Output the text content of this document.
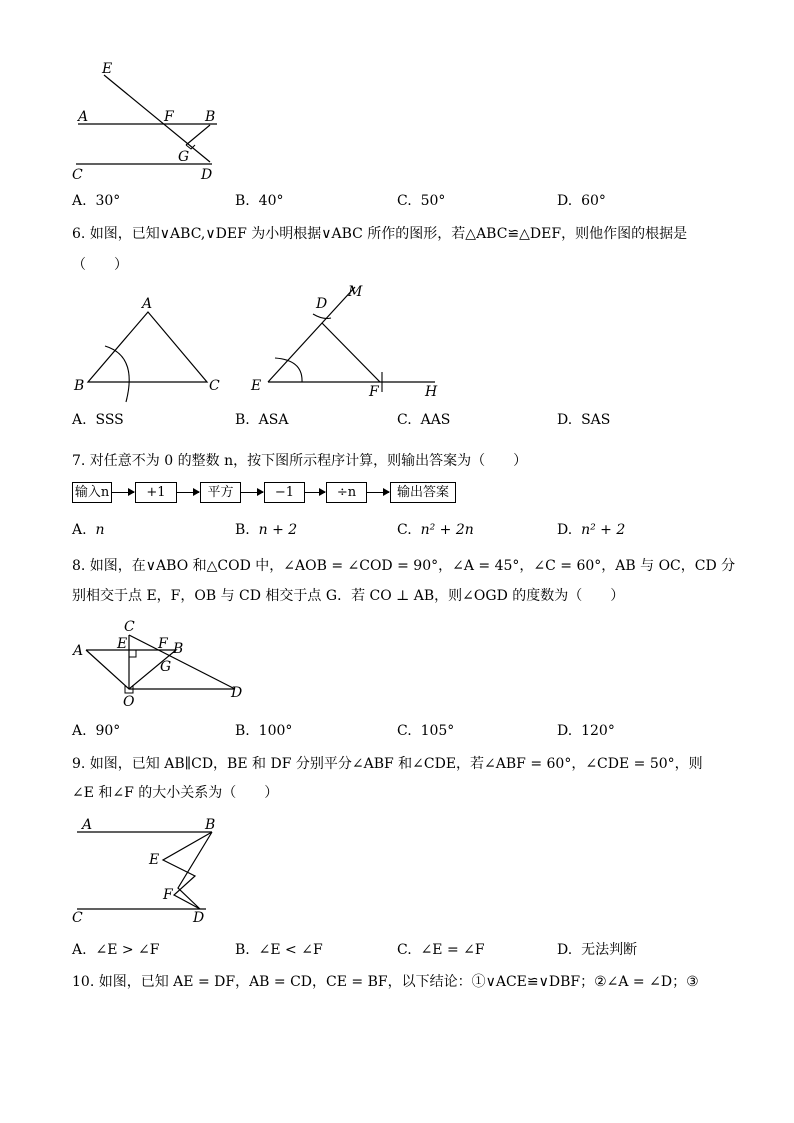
E
A	F B
G
C	D
A. 30°	B. 40°	C. 50°	D. 60°
6. 如图，已知∨ABC,∨DEF 为小明根据∨ABC 所作的图形，若△ABC≌△DEF，则他作图的根据是
（　　）
A
B	C
D
M
E	F	H
A. SSS	B. ASA	C. AAS	D. SAS
7. 对任意不为 0 的整数 n，按下图所示程序计算，则输出答案为（　　）
输入n	+1	平方	−1	÷n	输出答案
A. n	B. n + 2	C. n² + 2n	D. n² + 2
8. 如图，在∨ABO 和△COD 中，∠AOB = ∠COD = 90°，∠A = 45°，∠C = 60°，AB 与 OC，CD 分
别相交于点 E，F，OB 与 CD 相交于点 G．若 CO ⊥ AB，则∠OGD 的度数为（　　）
C
A E F B
G
O
D
A. 90°	B. 100°	C. 105°	D. 120°
9. 如图，已知 AB∥CD，BE 和 DF 分别平分∠ABF 和∠CDE，若∠ABF = 60°，∠CDE = 50°，则
∠E 和∠F 的大小关系为（　　）
A	B
E
F
C	D
A. ∠E > ∠F	B. ∠E < ∠F	C. ∠E = ∠F	D. 无法判断
10. 如图，已知 AE = DF，AB = CD，CE = BF，以下结论：①∨ACE≌∨DBF；②∠A = ∠D；③
